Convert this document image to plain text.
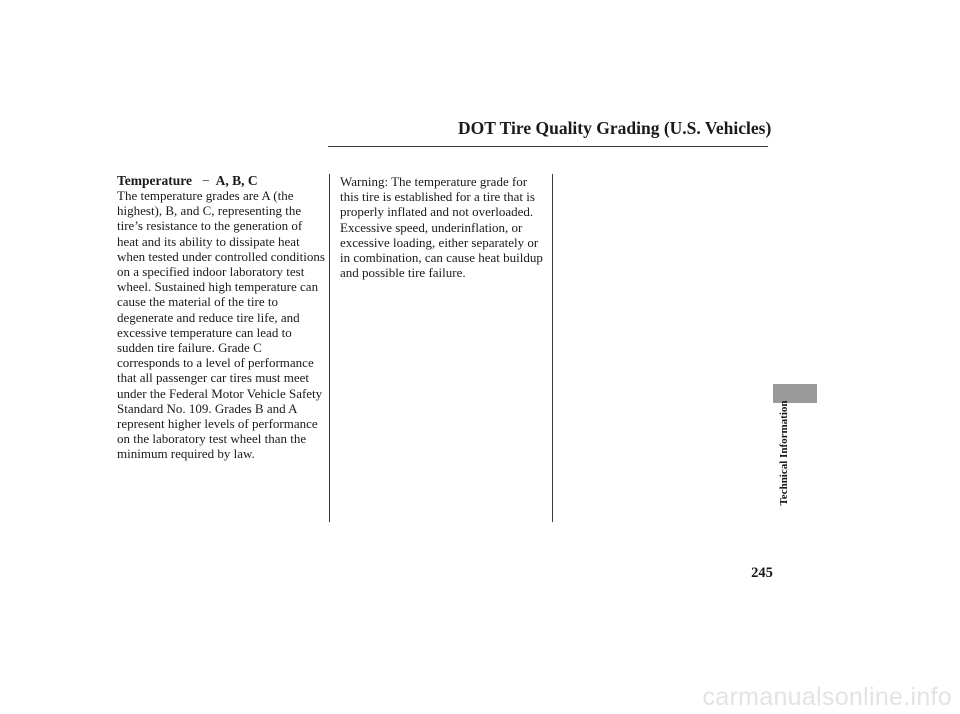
DOT Tire Quality Grading (U.S. Vehicles)
Temperature − A, B, C

The temperature grades are A (the highest), B, and C, representing the tire’s resistance to the generation of heat and its ability to dissipate heat when tested under controlled conditions on a specified indoor laboratory test wheel. Sustained high temperature can cause the material of the tire to degenerate and reduce tire life, and excessive temperature can lead to sudden tire failure. Grade C corresponds to a level of performance that all passenger car tires must meet under the Federal Motor Vehicle Safety Standard No. 109. Grades B and A represent higher levels of performance on the laboratory test wheel than the minimum required by law.

Warning: The temperature grade for this tire is established for a tire that is properly inflated and not overloaded. Excessive speed, underinflation, or excessive loading, either separately or in combination, can cause heat buildup and possible tire failure.

Technical Information
245
carmanualsonline.info
